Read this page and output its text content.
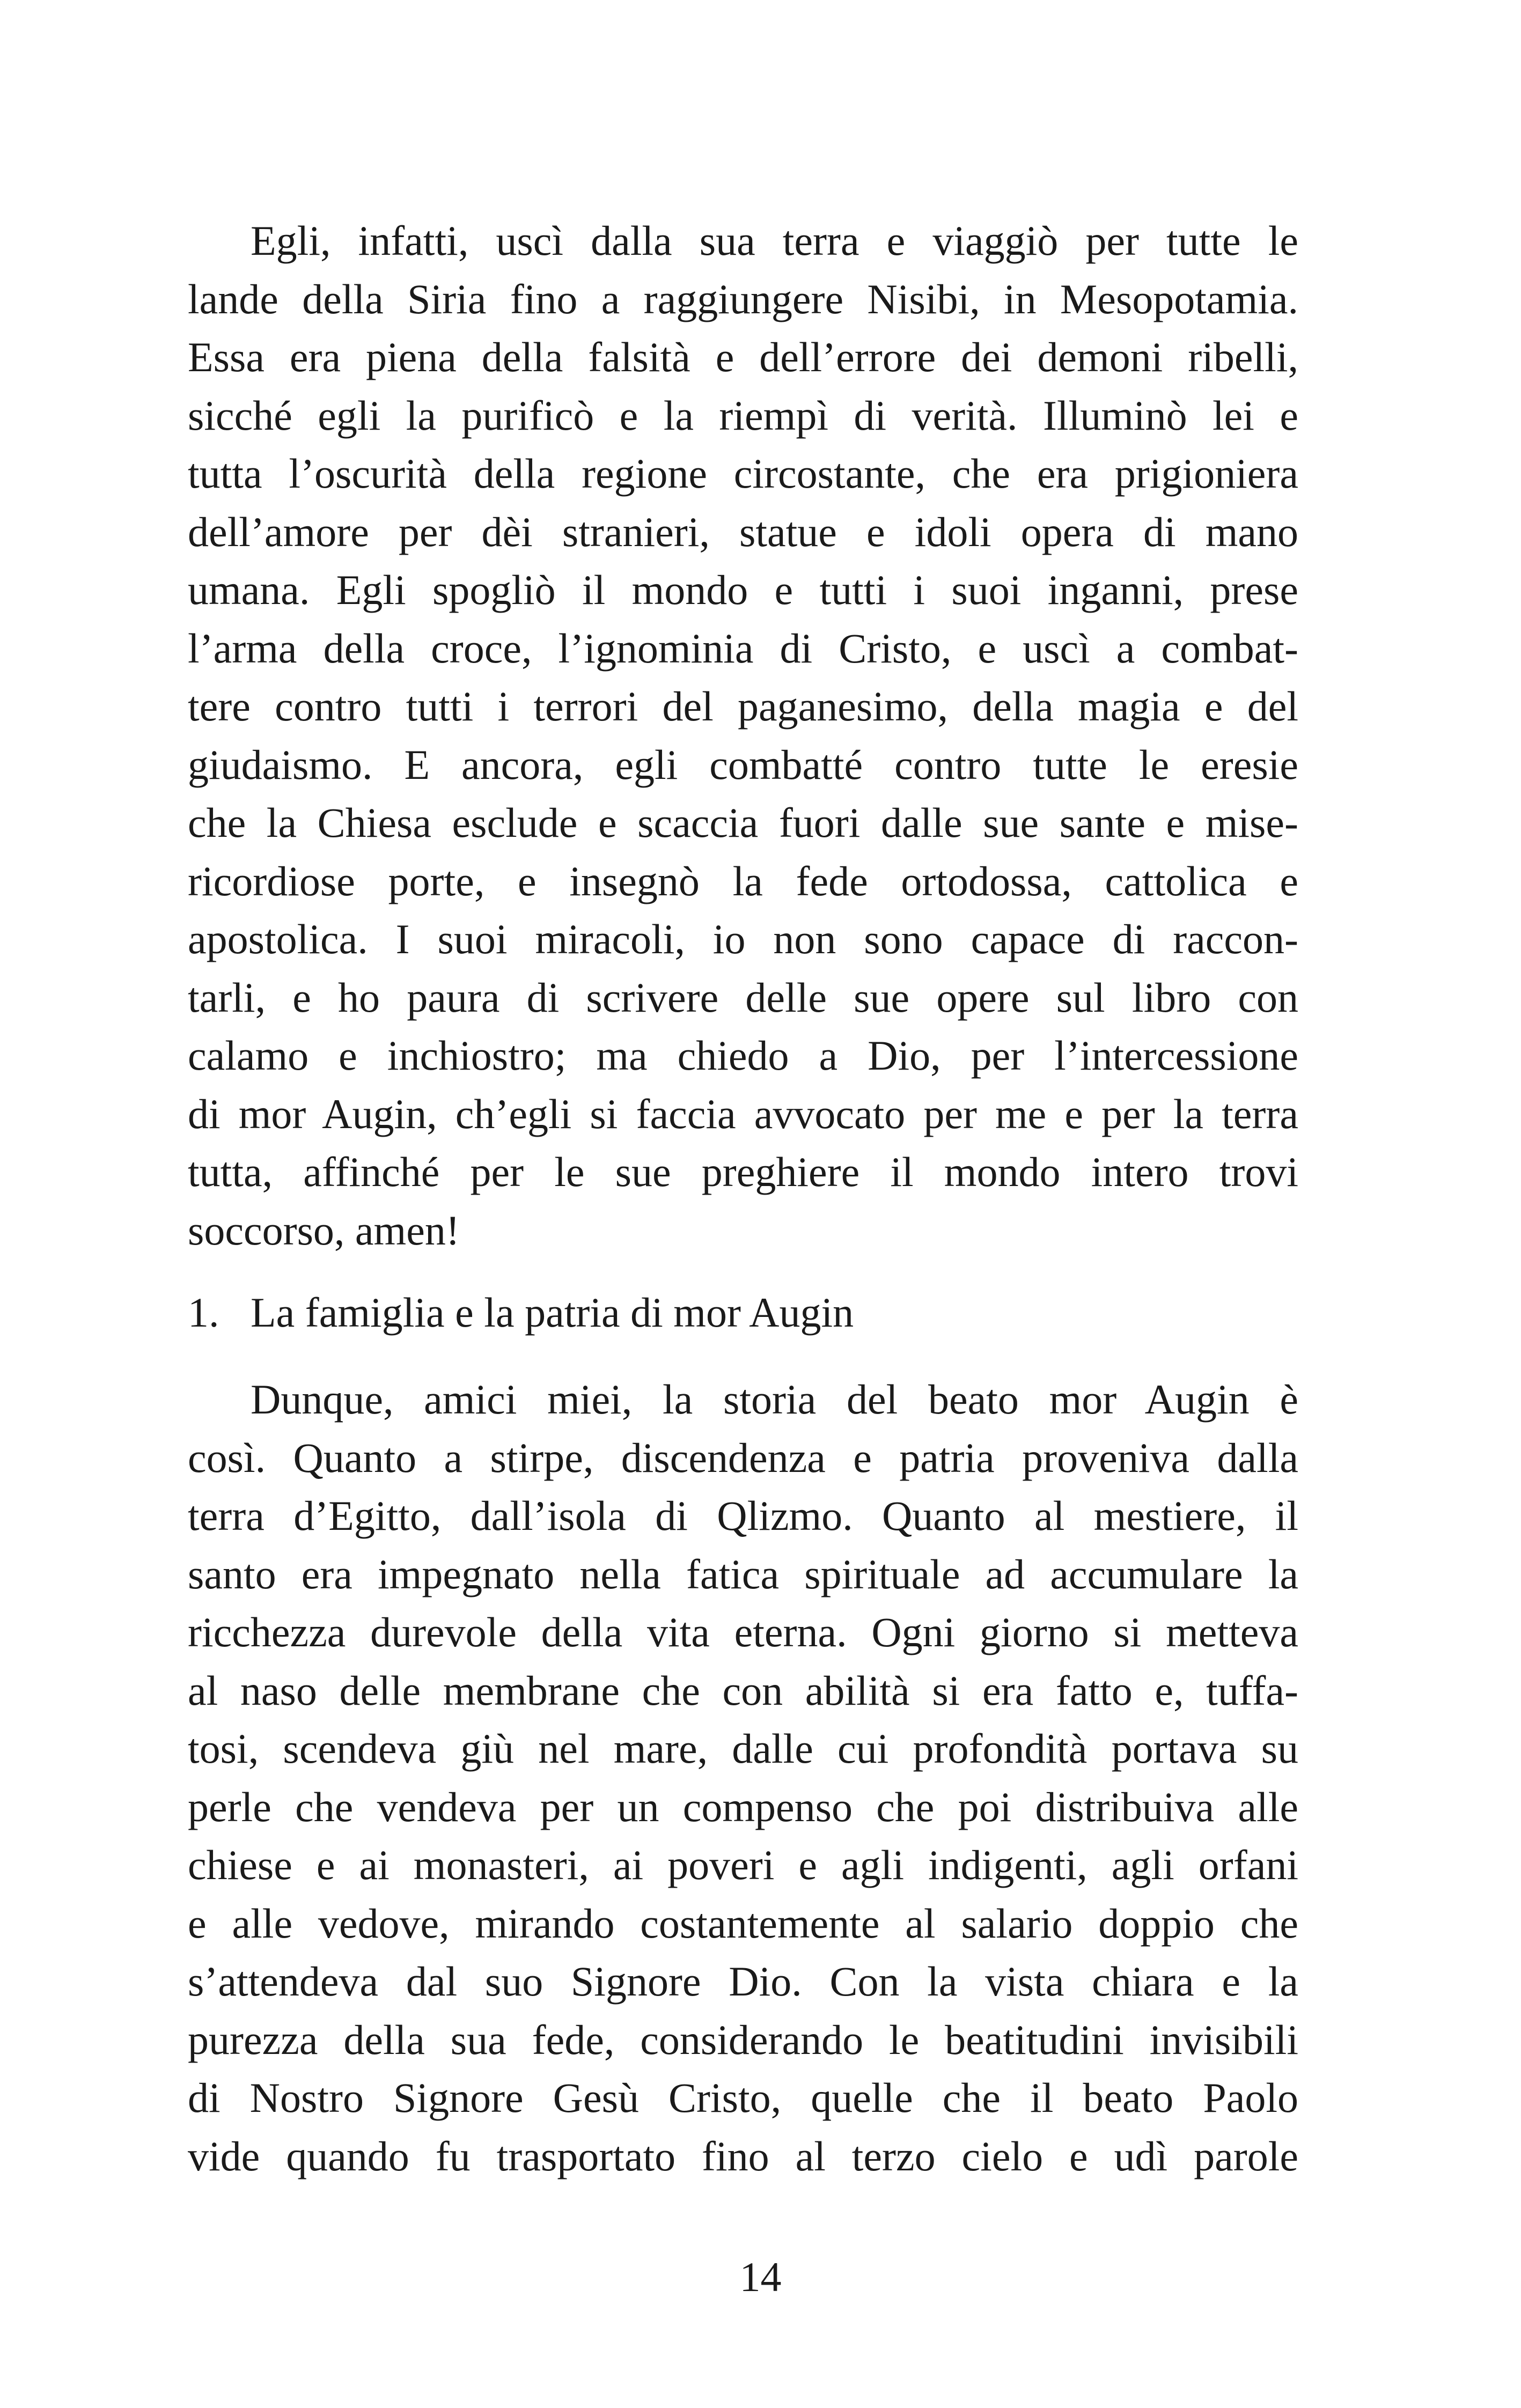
Egli, infatti, uscì dalla sua terra e viaggiò per tutte le
lande della Siria fino a raggiungere Nisibi, in Mesopotamia.
Essa era piena della falsità e dell’errore dei demoni ribelli,
sicché egli la purificò e la riempì di verità. Illuminò lei e
tutta l’oscurità della regione circostante, che era prigioniera
dell’amore per dèi stranieri, statue e idoli opera di mano
umana. Egli spogliò il mondo e tutti i suoi inganni, prese
l’arma della croce, l’ignominia di Cristo, e uscì a combat-
tere contro tutti i terrori del paganesimo, della magia e del
giudaismo. E ancora, egli combatté contro tutte le eresie
che la Chiesa esclude e scaccia fuori dalle sue sante e mise-
ricordiose porte, e insegnò la fede ortodossa, cattolica e
apostolica. I suoi miracoli, io non sono capace di raccon-
tarli, e ho paura di scrivere delle sue opere sul libro con
calamo e inchiostro; ma chiedo a Dio, per l’intercessione
di mor Augin, ch’egli si faccia avvocato per me e per la terra
tutta, affinché per le sue preghiere il mondo intero trovi
soccorso, amen!
1. La famiglia e la patria di mor Augin
Dunque, amici miei, la storia del beato mor Augin è
così. Quanto a stirpe, discendenza e patria proveniva dalla
terra d’Egitto, dall’isola di Qlizmo. Quanto al mestiere, il
santo era impegnato nella fatica spirituale ad accumulare la
ricchezza durevole della vita eterna. Ogni giorno si metteva
al naso delle membrane che con abilità si era fatto e, tuffa-
tosi, scendeva giù nel mare, dalle cui profondità portava su
perle che vendeva per un compenso che poi distribuiva alle
chiese e ai monasteri, ai poveri e agli indigenti, agli orfani
e alle vedove, mirando costantemente al salario doppio che
s’attendeva dal suo Signore Dio. Con la vista chiara e la
purezza della sua fede, considerando le beatitudini invisibili
di Nostro Signore Gesù Cristo, quelle che il beato Paolo
vide quando fu trasportato fino al terzo cielo e udì parole
14
